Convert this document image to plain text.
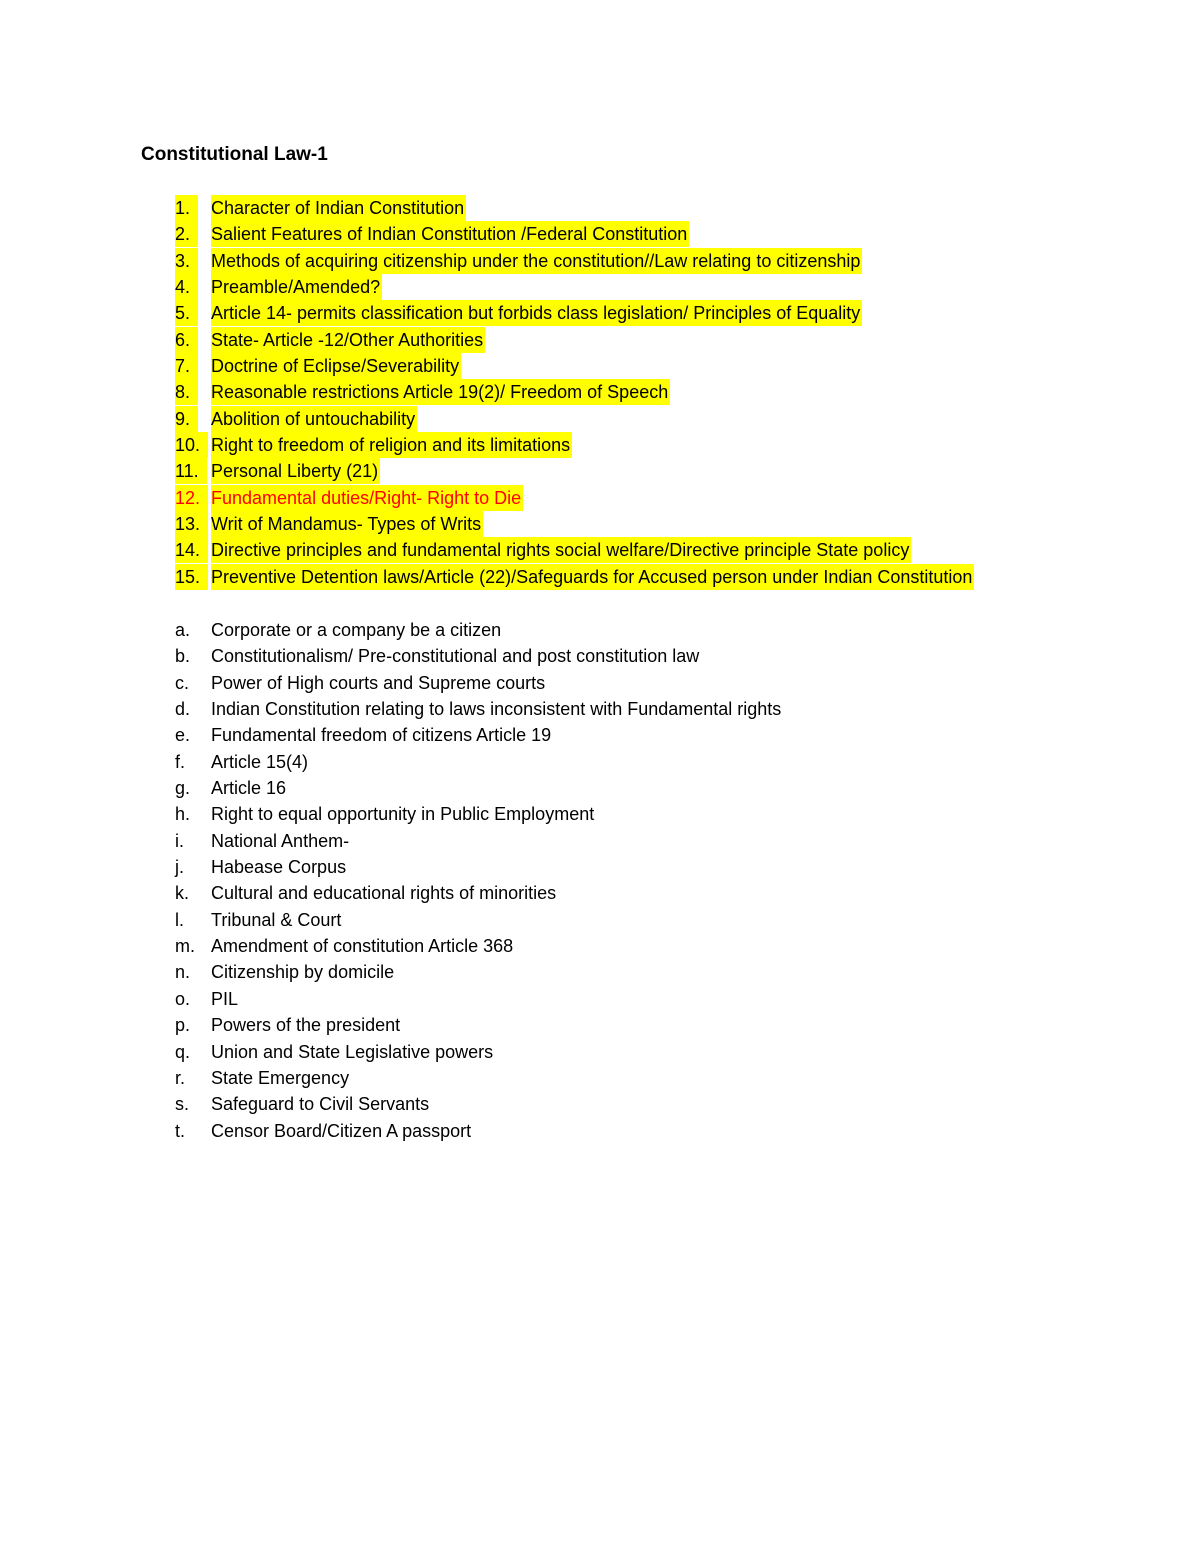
Constitutional Law-1
1.	Character of Indian Constitution
2.	Salient Features of Indian Constitution /Federal Constitution
3.	Methods of acquiring citizenship under the constitution//Law relating to citizenship
4.	Preamble/Amended?
5.	Article 14- permits classification but forbids class legislation/ Principles of Equality
6.	State- Article -12/Other Authorities
7.	Doctrine of Eclipse/Severability
8.	Reasonable restrictions Article 19(2)/ Freedom of Speech
9.	Abolition of untouchability
10. Right to freedom of religion and its limitations
11. Personal Liberty (21)
12. Fundamental duties/Right- Right to Die
13. Writ of Mandamus- Types of Writs
14. Directive principles and fundamental rights social welfare/Directive principle State policy
15. Preventive Detention laws/Article (22)/Safeguards for Accused person under Indian Constitution
a. Corporate or a company be a citizen
b. Constitutionalism/ Pre-constitutional and post constitution law
c. Power of High courts and Supreme courts
d. Indian Constitution relating to laws inconsistent with Fundamental rights
e. Fundamental freedom of citizens Article 19
f. Article 15(4)
g. Article 16
h. Right to equal opportunity in Public Employment
i. National Anthem-
j. Habease Corpus
k. Cultural and educational rights of minorities
l. Tribunal & Court
m. Amendment of constitution Article 368
n. Citizenship by domicile
o. PIL
p. Powers of the president
q. Union and State Legislative powers
r. State Emergency
s. Safeguard to Civil Servants
t. Censor Board/Citizen A passport
